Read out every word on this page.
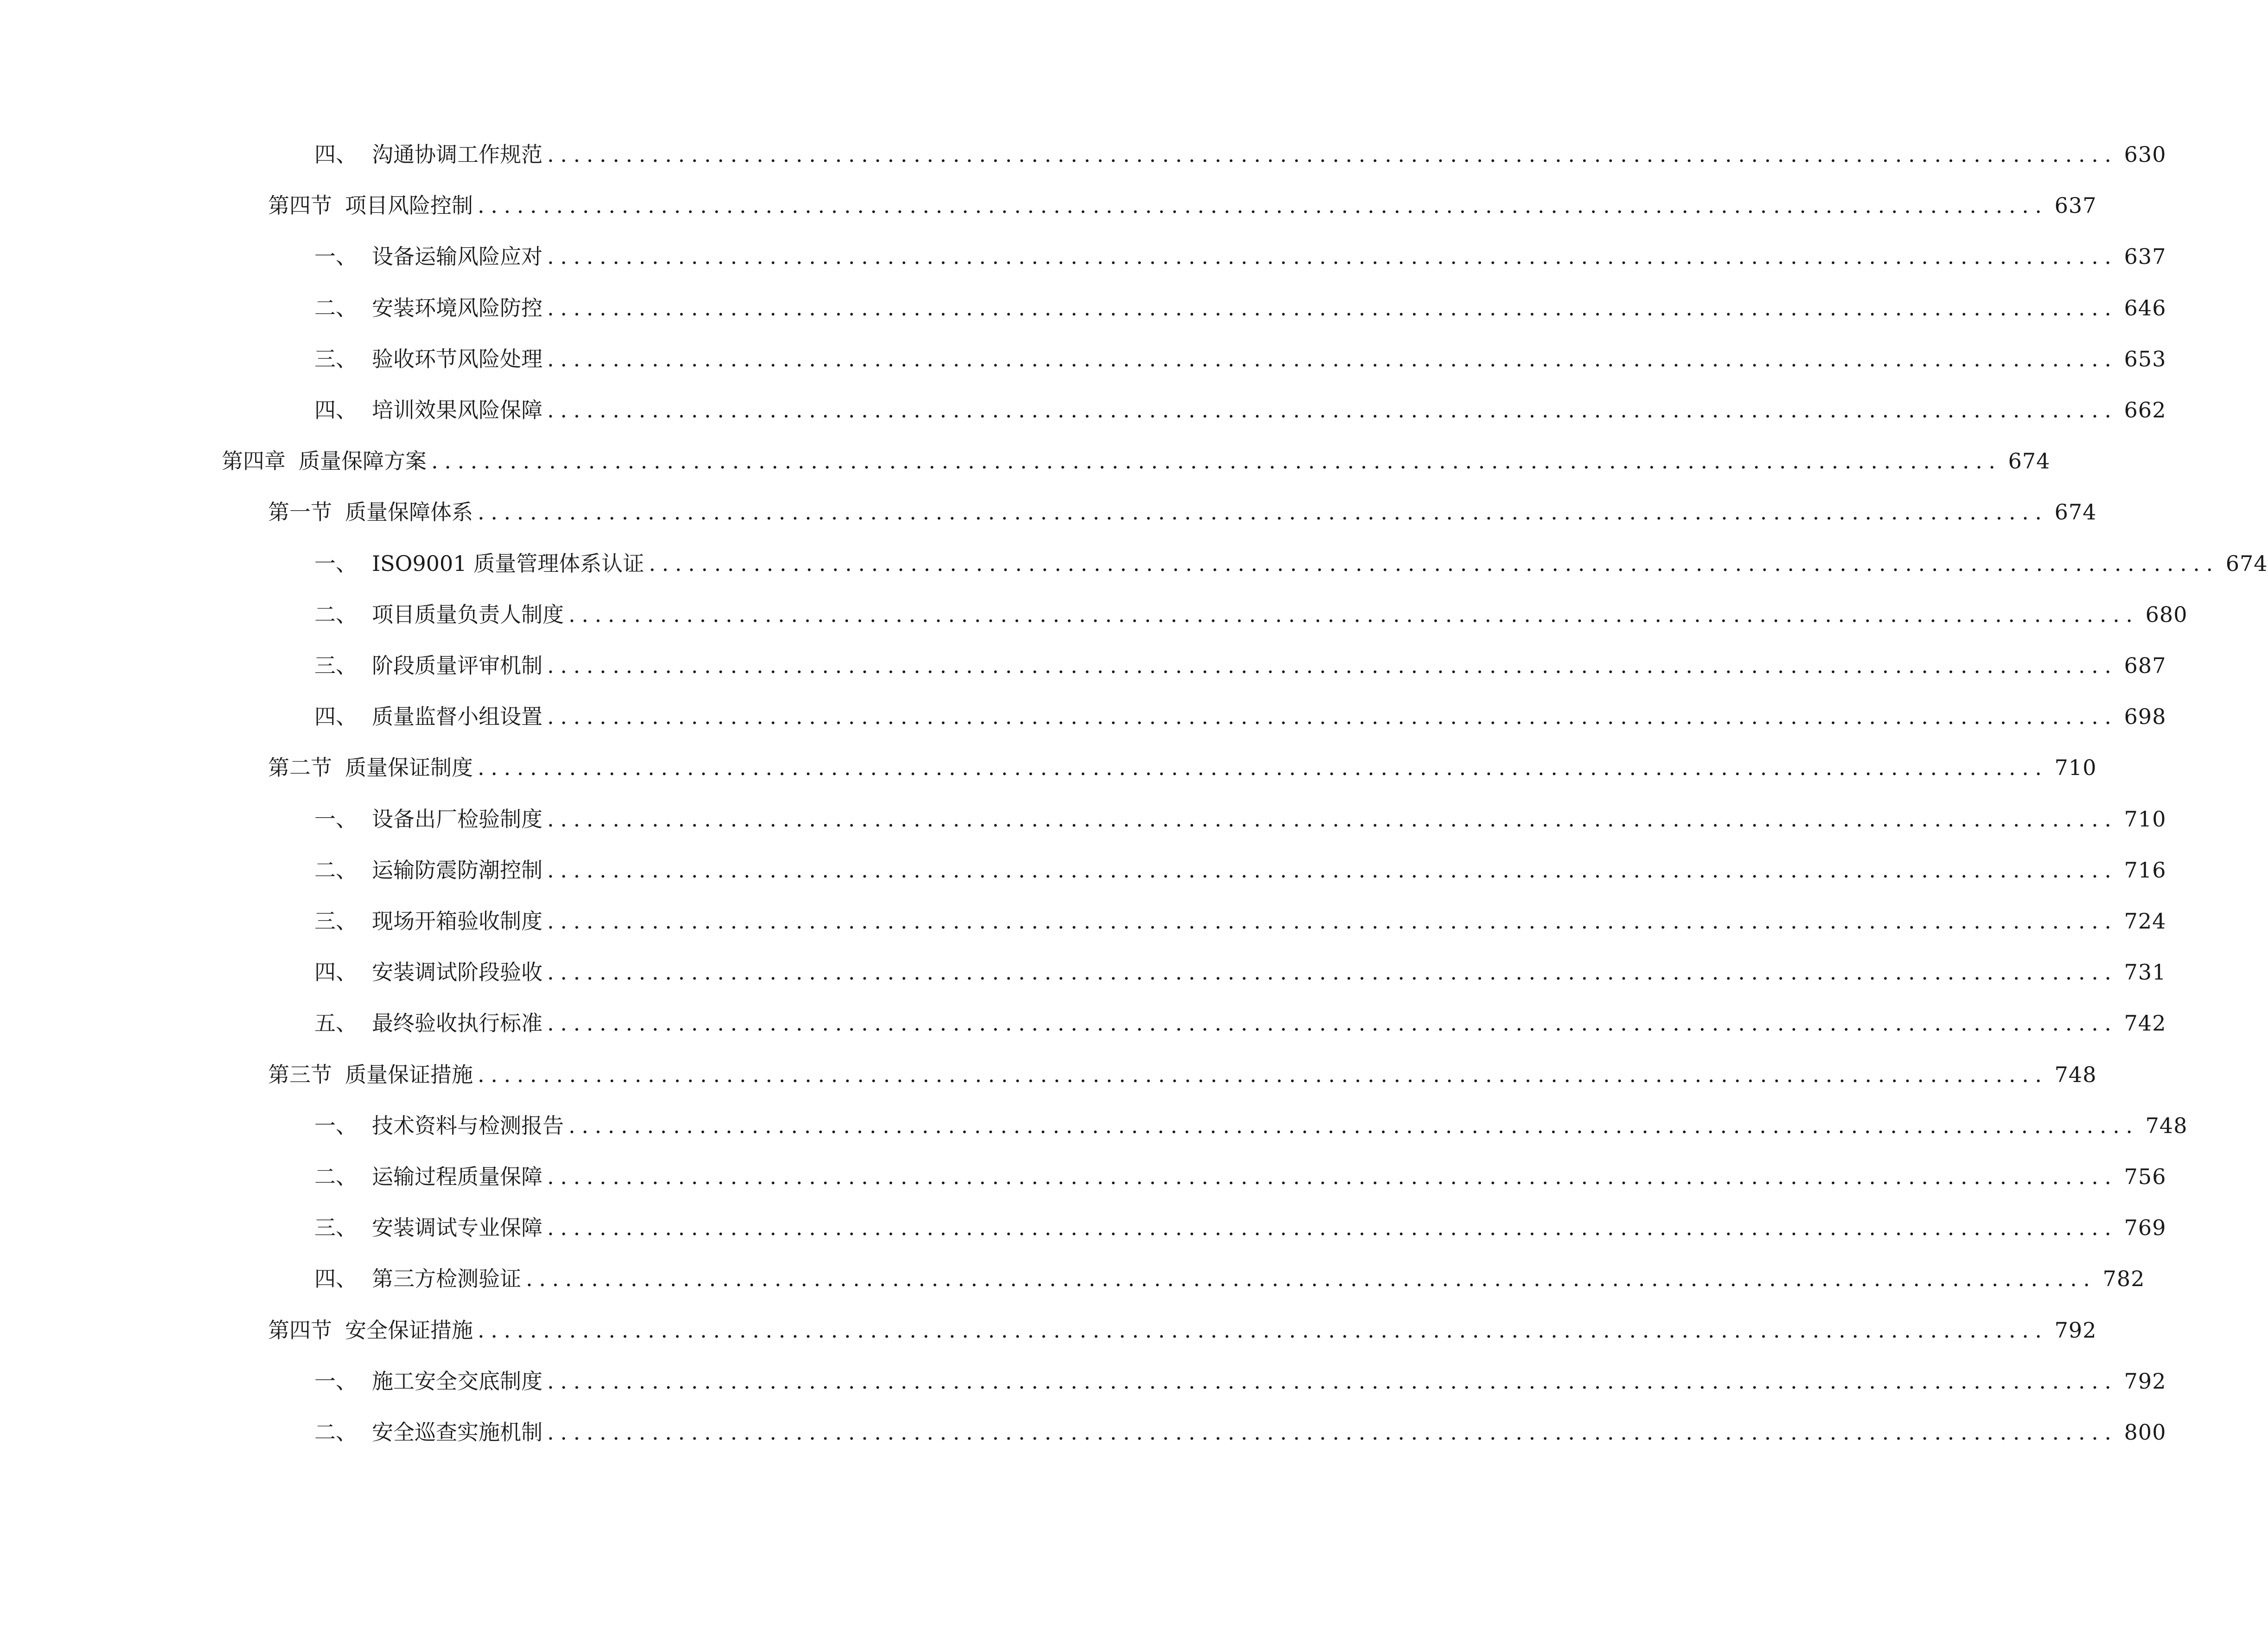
四、 沟通协调工作规范 ........................................................................................................................ 630
第四节 项目风险控制 ........................................................................................................................ 637
一、 设备运输风险应对 ........................................................................................................................ 637
二、 安装环境风险防控 ........................................................................................................................ 646
三、 验收环节风险处理 ........................................................................................................................ 653
四、 培训效果风险保障 ........................................................................................................................ 662
第四章 质量保障方案 ........................................................................................................................ 674
第一节 质量保障体系 ........................................................................................................................ 674
一、 ISO9001 质量管理体系认证 ........................................................................................................................ 674
二、 项目质量负责人制度 ........................................................................................................................ 680
三、 阶段质量评审机制 ........................................................................................................................ 687
四、 质量监督小组设置 ........................................................................................................................ 698
第二节 质量保证制度 ........................................................................................................................ 710
一、 设备出厂检验制度 ........................................................................................................................ 710
二、 运输防震防潮控制 ........................................................................................................................ 716
三、 现场开箱验收制度 ........................................................................................................................ 724
四、 安装调试阶段验收 ........................................................................................................................ 731
五、 最终验收执行标准 ........................................................................................................................ 742
第三节 质量保证措施 ........................................................................................................................ 748
一、 技术资料与检测报告 ........................................................................................................................ 748
二、 运输过程质量保障 ........................................................................................................................ 756
三、 安装调试专业保障 ........................................................................................................................ 769
四、 第三方检测验证 ........................................................................................................................ 782
第四节 安全保证措施 ........................................................................................................................ 792
一、 施工安全交底制度 ........................................................................................................................ 792
二、 安全巡查实施机制 ........................................................................................................................ 800
